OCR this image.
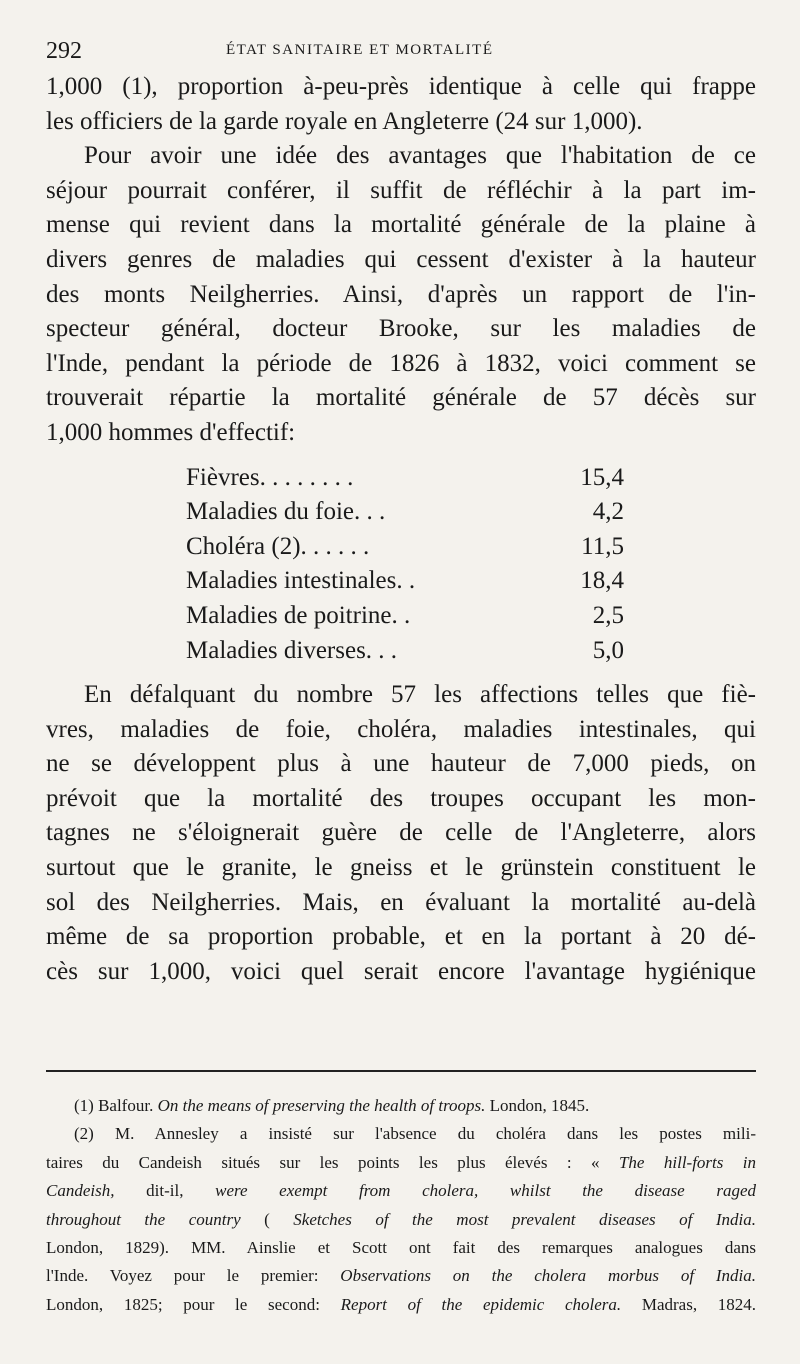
292	ÉTAT SANITAIRE ET MORTALITÉ
1,000 (1), proportion à-peu-près identique à celle qui frappe
les officiers de la garde royale en Angleterre (24 sur 1,000).
Pour avoir une idée des avantages que l'habitation de ce
séjour pourrait conférer, il suffit de réfléchir à la part im-
mense qui revient dans la mortalité générale de la plaine à
divers genres de maladies qui cessent d'exister à la hauteur
des monts Neilgherries. Ainsi, d'après un rapport de l'in-
specteur général, docteur Brooke, sur les maladies de
l'Inde, pendant la période de 1826 à 1832, voici comment se
trouverait répartie la mortalité générale de 57 décès sur
1,000 hommes d'effectif:
Fièvres. . . . . . . .	15,4
Maladies du foie. . .	4,2
Choléra (2). . . . . .	11,5
Maladies intestinales. .	18,4
Maladies de poitrine. .	2,5
Maladies diverses. . .	5,0
En défalquant du nombre 57 les affections telles que fiè-
vres, maladies de foie, choléra, maladies intestinales, qui
ne se développent plus à une hauteur de 7,000 pieds, on
prévoit que la mortalité des troupes occupant les mon-
tagnes ne s'éloignerait guère de celle de l'Angleterre, alors
surtout que le granite, le gneiss et le grünstein constituent le
sol des Neilgherries. Mais, en évaluant la mortalité au-delà
même de sa proportion probable, et en la portant à 20 dé-
cès sur 1,000, voici quel serait encore l'avantage hygiénique
(1) Balfour. On the means of preserving the health of troops. London, 1845.
(2) M. Annesley a insisté sur l'absence du choléra dans les postes mili-
taires du Candeish situés sur les points les plus élevés : « The hill-forts in
Candeish, dit-il, were exempt from cholera, whilst the disease raged
throughout the country ( Sketches of the most prevalent diseases of India.
London, 1829). MM. Ainslie et Scott ont fait des remarques analogues dans
l'Inde. Voyez pour le premier: Observations on the cholera morbus of India.
London, 1825; pour le second: Report of the epidemic cholera. Madras, 1824.
